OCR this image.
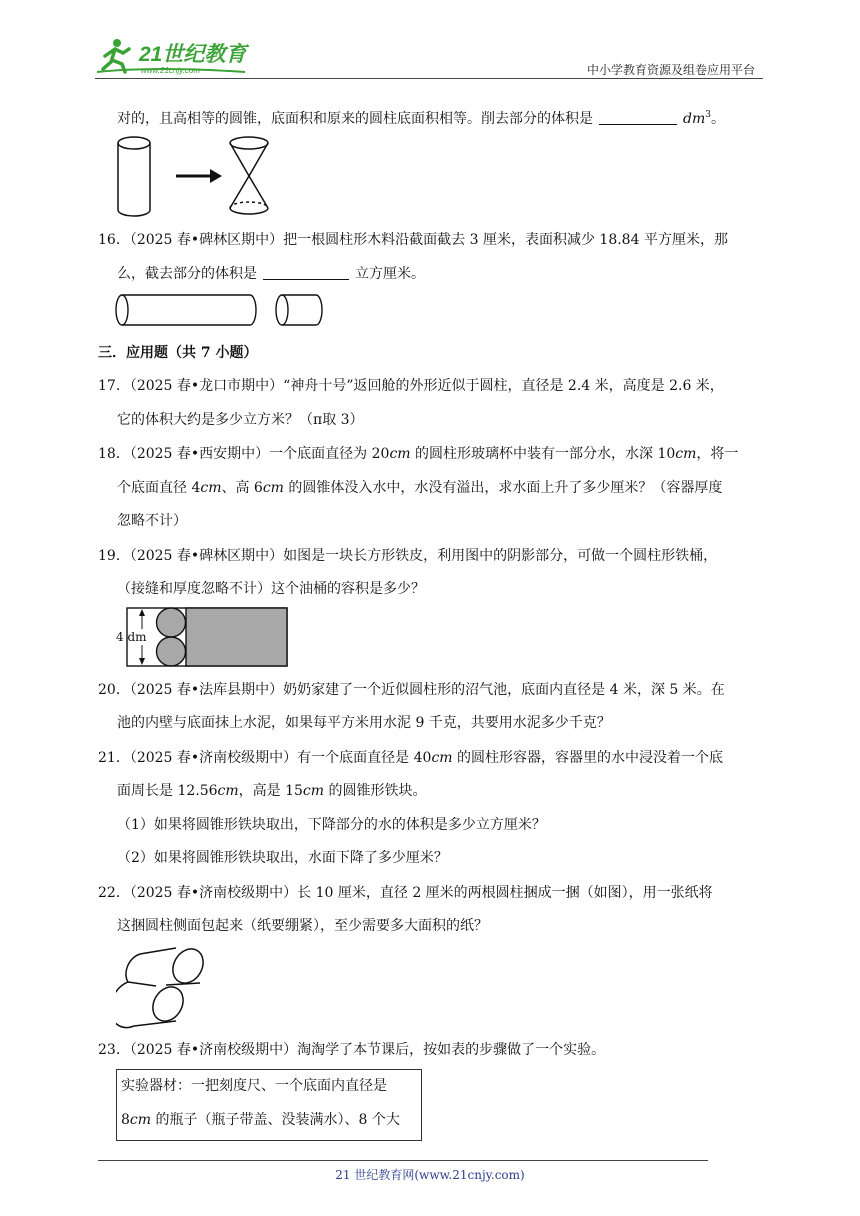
21世纪教育
www.21cnjy.com	中小学教育资源及组卷应用平台
对的，且高相等的圆锥，底面积和原来的圆柱底面积相等。削去部分的体积是	$dm^3$。
16．（2025 春•碑林区期中）把一根圆柱形木料沿截面截去 3 厘米，表面积减少 18.84 平方厘米，那
么，截去部分的体积是	立方厘米。
三．应用题（共 7 小题）
17．（2025 春•龙口市期中）“神舟十号”返回舱的外形近似于圆柱，直径是 2.4 米，高度是 2.6 米，
它的体积大约是多少立方米？（π取 3）
18．（2025 春•西安期中）一个底面直径为 20cm 的圆柱形玻璃杯中装有一部分水，水深 10cm，将一
个底面直径 4cm、高 6cm 的圆锥体没入水中，水没有溢出，求水面上升了多少厘米？（容器厚度
忽略不计）
19．（2025 春•碑林区期中）如图是一块长方形铁皮，利用图中的阴影部分，可做一个圆柱形铁桶，
（接缝和厚度忽略不计）这个油桶的容积是多少？
4 dm
20．（2025 春•法库县期中）奶奶家建了一个近似圆柱形的沼气池，底面内直径是 4 米，深 5 米。在
池的内壁与底面抹上水泥，如果每平方米用水泥 9 千克，共要用水泥多少千克？
21．（2025 春•济南校级期中）有一个底面直径是 40cm 的圆柱形容器，容器里的水中浸没着一个底
面周长是 12.56cm，高是 15cm 的圆锥形铁块。
（1）如果将圆锥形铁块取出，下降部分的水的体积是多少立方厘米？
（2）如果将圆锥形铁块取出，水面下降了多少厘米？
22．（2025 春•济南校级期中）长 10 厘米，直径 2 厘米的两根圆柱捆成一捆（如图），用一张纸将
这捆圆柱侧面包起来（纸要绷紧），至少需要多大面积的纸？
23．（2025 春•济南校级期中）淘淘学了本节课后，按如表的步骤做了一个实验。
实验器材：一把刻度尺、一个底面内直径是
8cm 的瓶子（瓶子带盖、没装满水）、8 个大
21 世纪教育网(www.21cnjy.com)
